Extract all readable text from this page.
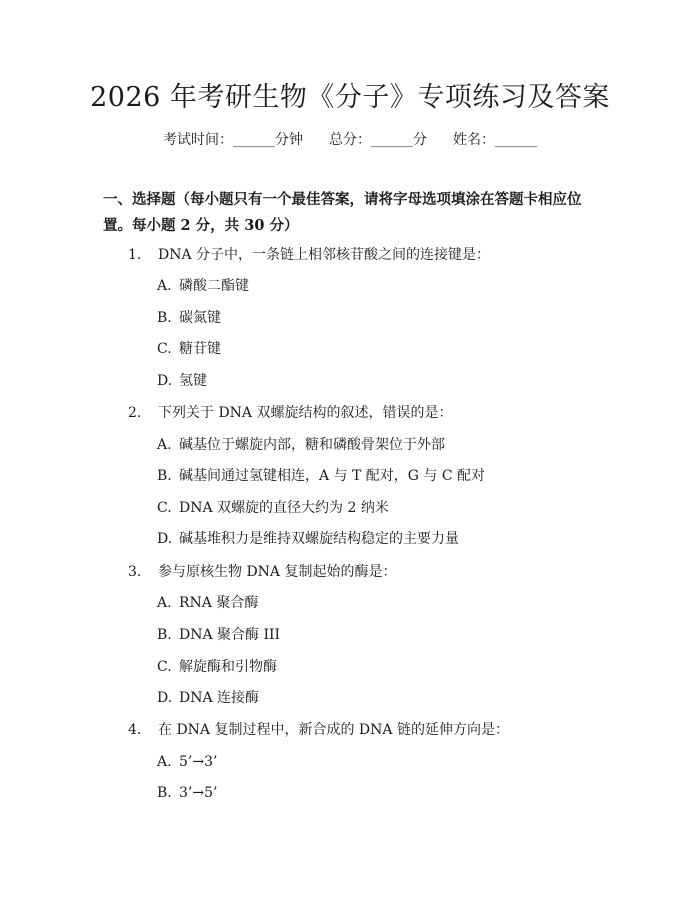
2026 年考研生物《分子》专项练习及答案
考试时间：______分钟 总分：______分 姓名：______
一、选择题（每小题只有一个最佳答案，请将字母选项填涂在答题卡相应位置。每小题 2 分，共 30 分）
1. DNA 分子中，一条链上相邻核苷酸之间的连接键是：
A. 磷酸二酯键
B. 碳氮键
C. 糖苷键
D. 氢键
2. 下列关于 DNA 双螺旋结构的叙述，错误的是：
A. 碱基位于螺旋内部，糖和磷酸骨架位于外部
B. 碱基间通过氢键相连，A 与 T 配对，G 与 C 配对
C. DNA 双螺旋的直径大约为 2 纳米
D. 碱基堆积力是维持双螺旋结构稳定的主要力量
3. 参与原核生物 DNA 复制起始的酶是：
A. RNA 聚合酶
B. DNA 聚合酶 III
C. 解旋酶和引物酶
D. DNA 连接酶
4. 在 DNA 复制过程中，新合成的 DNA 链的延伸方向是：
A. 5’→3’
B. 3’→5’
